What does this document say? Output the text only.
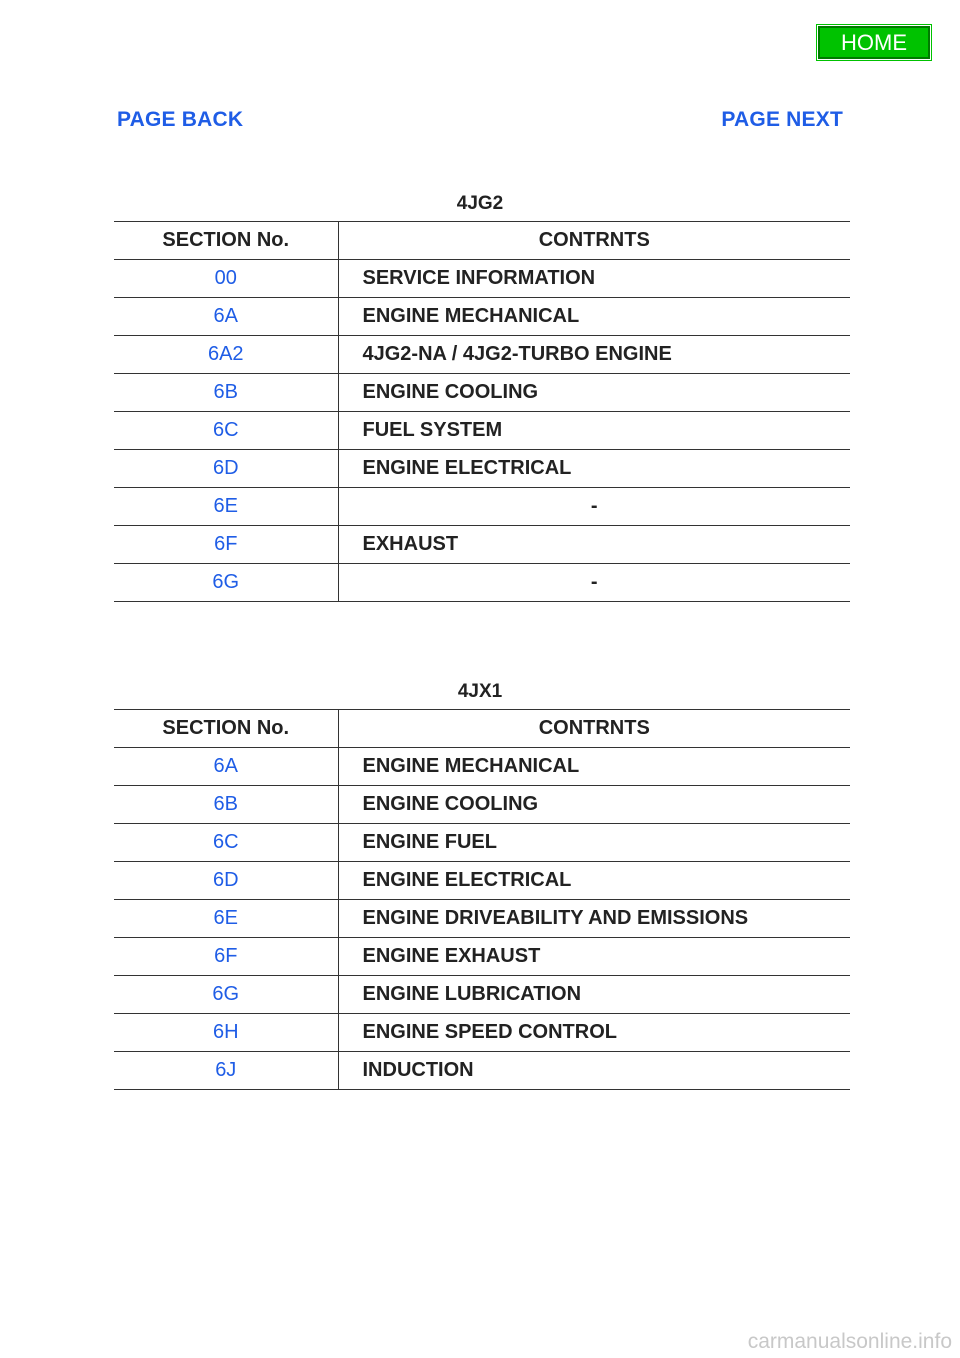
HOME
PAGE BACK	PAGE NEXT
4JG2
SECTION No.	CONTRNTS
00	SERVICE INFORMATION
6A	ENGINE MECHANICAL
6A2	4JG2-NA / 4JG2-TURBO ENGINE
6B	ENGINE COOLING
6C	FUEL SYSTEM
6D	ENGINE ELECTRICAL
6E	-
6F	EXHAUST
6G	-
4JX1
SECTION No.	CONTRNTS
6A	ENGINE MECHANICAL
6B	ENGINE COOLING
6C	ENGINE FUEL
6D	ENGINE ELECTRICAL
6E	ENGINE DRIVEABILITY AND EMISSIONS
6F	ENGINE EXHAUST
6G	ENGINE LUBRICATION
6H	ENGINE SPEED CONTROL
6J	INDUCTION
carmanualsonline.info
